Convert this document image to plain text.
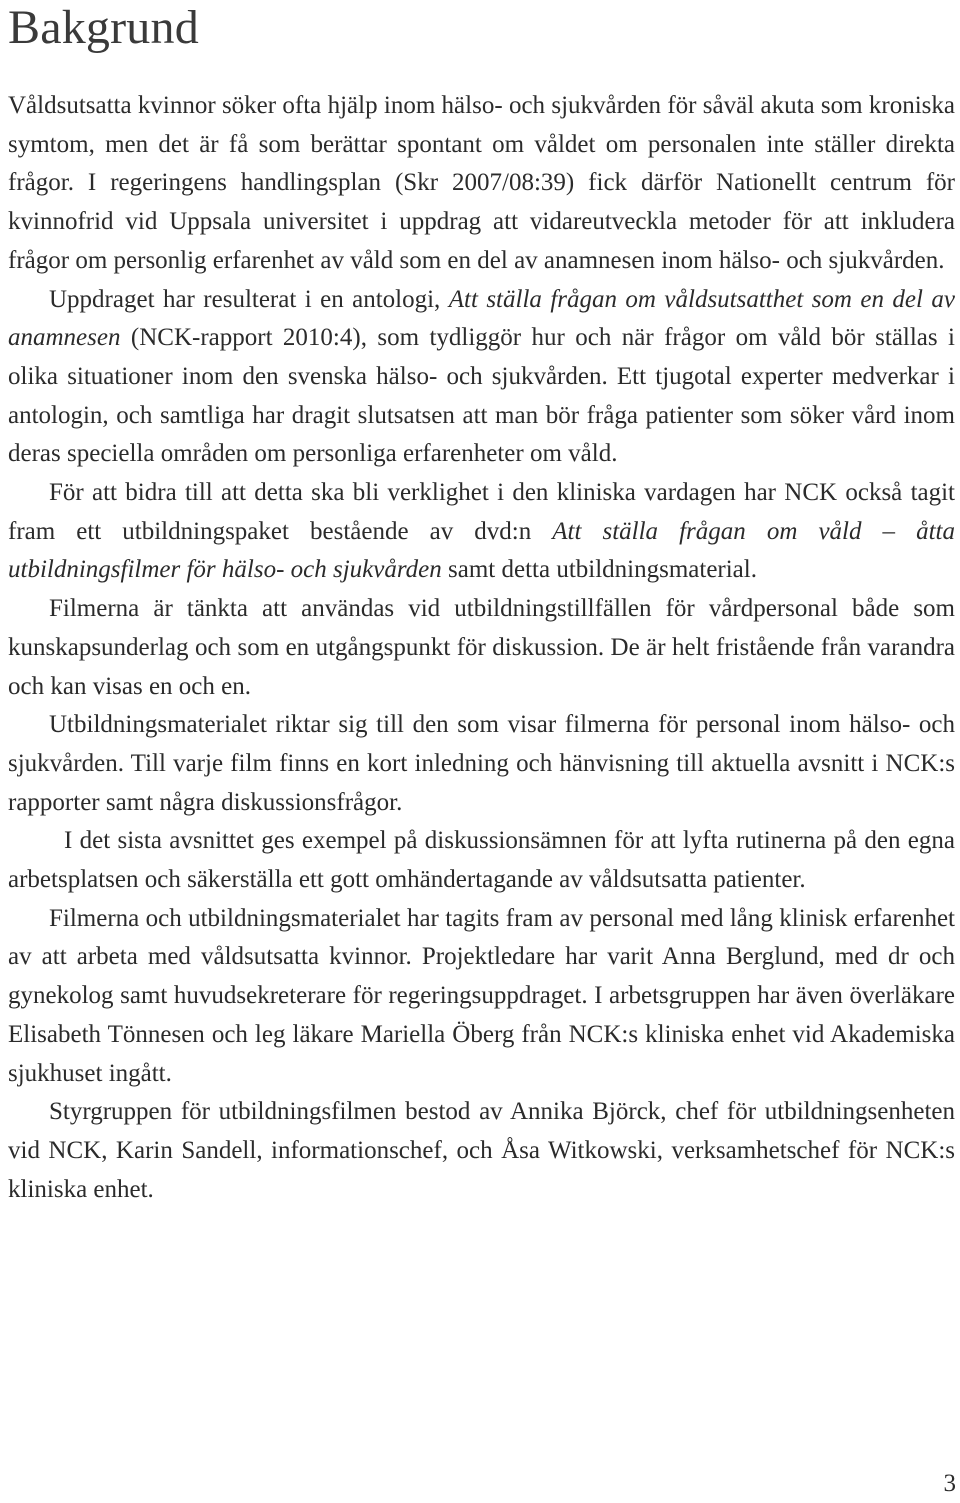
Bakgrund

Våldsutsatta kvinnor söker ofta hjälp inom hälso- och sjukvården för såväl akuta som kroniska symtom, men det är få som berättar spontant om våldet om personalen inte ställer direkta frågor. I regeringens handlingsplan (Skr 2007/08:39) fick därför Nationellt centrum för kvinnofrid vid Uppsala universitet i uppdrag att vidareutveckla metoder för att inkludera frågor om personlig erfarenhet av våld som en del av anamnesen inom hälso- och sjukvården.

Uppdraget har resulterat i en antologi, Att ställa frågan om våldsutsatthet som en del av anamnesen (NCK-rapport 2010:4), som tydliggör hur och när frågor om våld bör ställas i olika situationer inom den svenska hälso- och sjukvården. Ett tjugotal experter medverkar i antologin, och samtliga har dragit slutsatsen att man bör fråga patienter som söker vård inom deras speciella områden om personliga erfarenheter om våld.

För att bidra till att detta ska bli verklighet i den kliniska vardagen har NCK också tagit fram ett utbildningspaket bestående av dvd:n Att ställa frågan om våld – åtta utbildningsfilmer för hälso- och sjukvården samt detta utbildningsmaterial.

Filmerna är tänkta att användas vid utbildningstillfällen för vårdpersonal både som kunskapsunderlag och som en utgångspunkt för diskussion. De är helt fristående från varandra och kan visas en och en.

Utbildningsmaterialet riktar sig till den som visar filmerna för personal inom hälso- och sjukvården. Till varje film finns en kort inledning och hänvisning till aktuella avsnitt i NCK:s rapporter samt några diskussionsfrågor.

I det sista avsnittet ges exempel på diskussionsämnen för att lyfta rutinerna på den egna arbetsplatsen och säkerställa ett gott omhändertagande av våldsutsatta patienter.

Filmerna och utbildningsmaterialet har tagits fram av personal med lång klinisk erfarenhet av att arbeta med våldsutsatta kvinnor. Projektledare har varit Anna Berglund, med dr och gynekolog samt huvudsekreterare för regeringsuppdraget. I arbetsgruppen har även överläkare Elisabeth Tönnesen och leg läkare Mariella Öberg från NCK:s kliniska enhet vid Akademiska sjukhuset ingått.

Styrgruppen för utbildningsfilmen bestod av Annika Björck, chef för utbildningsenheten vid NCK, Karin Sandell, informationschef, och Åsa Witkowski, verksamhetschef för NCK:s kliniska enhet.

3
